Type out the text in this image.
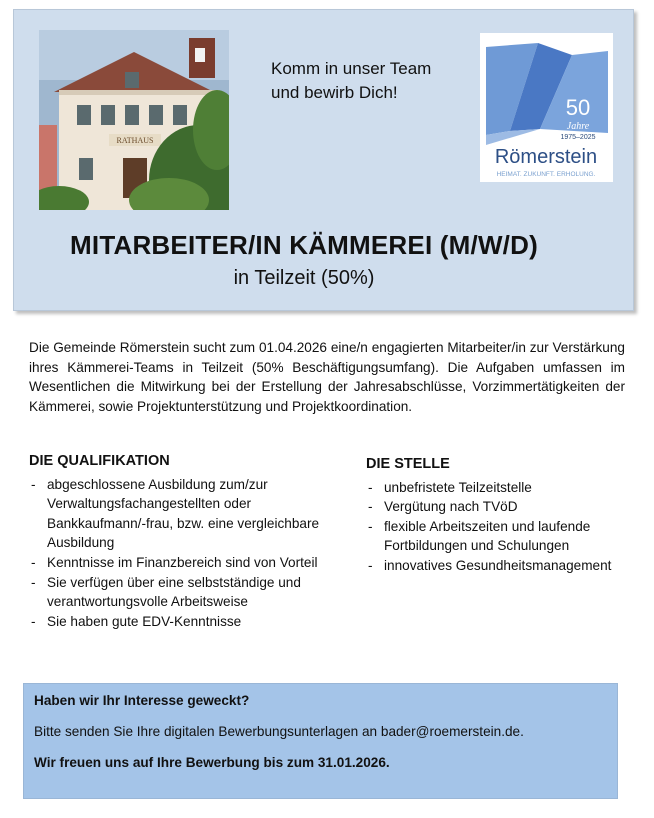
RATHAUS
Komm in unser Team
und bewirb Dich!
50
Jahre
1975–2025
Römerstein
HEIMAT. ZUKUNFT. ERHOLUNG.
MITARBEITER/IN KÄMMEREI (M/W/D)
in Teilzeit (50%)
Die Gemeinde Römerstein sucht zum 01.04.2026 eine/n engagierten Mitarbeiter/in zur Verstärkung ihres Kämmerei-Teams in Teilzeit (50% Beschäftigungsumfang). Die Aufgaben umfassen im Wesentlichen die Mitwirkung bei der Erstellung der Jahresabschlüsse, Vorzimmertätigkeiten der Kämmerei, sowie Projektunterstützung und Projektkoordination.
DIE QUALIFIKATION
- abgeschlossene Ausbildung zum/zur Verwaltungsfachangestellten oder Bankkaufmann/-frau, bzw. eine vergleichbare Ausbildung
- Kenntnisse im Finanzbereich sind von Vorteil
- Sie verfügen über eine selbstständige und verantwortungsvolle Arbeitsweise
- Sie haben gute EDV-Kenntnisse
DIE STELLE
- unbefristete Teilzeitstelle
- Vergütung nach TVöD
- flexible Arbeitszeiten und laufende Fortbildungen und Schulungen
- innovatives Gesundheitsmanagement
Haben wir Ihr Interesse geweckt?
Bitte senden Sie Ihre digitalen Bewerbungsunterlagen an bader@roemerstein.de.
Wir freuen uns auf Ihre Bewerbung bis zum 31.01.2026.
